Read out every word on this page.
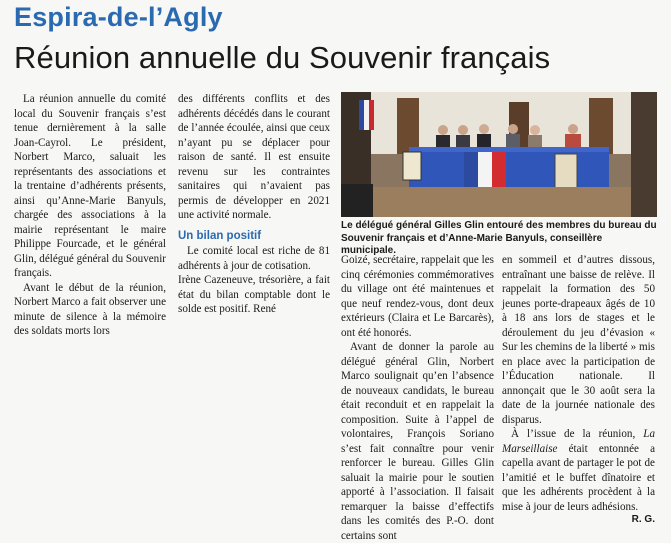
Espira-de-l’Agly
Réunion annuelle du Souvenir français

La réunion annuelle du comité local du Souvenir français s’est tenue dernièrement à la salle Joan-Cayrol. Le président, Norbert Marco, saluait les représentants des associations et la trentaine d’adhérents présents, ainsi qu’Anne-Marie Banyuls, chargée des associations à la mairie représentant le maire Philippe Fourcade, et le général Glin, délégué général du Souvenir français.

Avant le début de la réunion, Norbert Marco a fait observer une minute de silence à la mémoire des soldats morts lors

des différents conflits et des adhérents décédés dans le courant de l’année écoulée, ainsi que ceux n’ayant pu se déplacer pour raison de santé. Il est ensuite revenu sur les contraintes sanitaires qui n’avaient pas permis de développer en 2021 une activité normale.

Un bilan positif

Le comité local est riche de 81 adhérents à jour de cotisation.

Irène Cazeneuve, trésorière, a fait état du bilan comptable dont le solde est positif. René

Le délégué général Gilles Glin entouré des membres du bureau du Souvenir français et d’Anne-Marie Banyuls, conseillère municipale.

Goizé, secrétaire, rappelait que les cinq cérémonies commémoratives du village ont été maintenues et que neuf rendez-vous, dont deux extérieurs (Claira et Le Barcarès), ont été honorés.

Avant de donner la parole au délégué général Glin, Norbert Marco soulignait qu’en l’absence de nouveaux candidats, le bureau était reconduit et en rappelait la composition. Suite à l’appel de volontaires, François Soriano s’est fait connaître pour venir renforcer le bureau. Gilles Glin saluait la mairie pour le soutien apporté à l’association. Il faisait remarquer la baisse d’effectifs dans les comités des P.-O. dont certains sont

en sommeil et d’autres dissous, entraînant une baisse de relève. Il rappelait la formation des 50 jeunes porte-drapeaux âgés de 10 à 18 ans lors de stages et le déroulement du jeu d’évasion « Sur les chemins de la liberté » mis en place avec la participation de l’Éducation nationale. Il annonçait que le 30 août sera la date de la journée nationale des disparus.

À l’issue de la réunion, La Marseillaise était entonnée a capella avant de partager le pot de l’amitié et le buffet dînatoire et que les adhérents procèdent à la mise à jour de leurs adhésions.

R. G.
